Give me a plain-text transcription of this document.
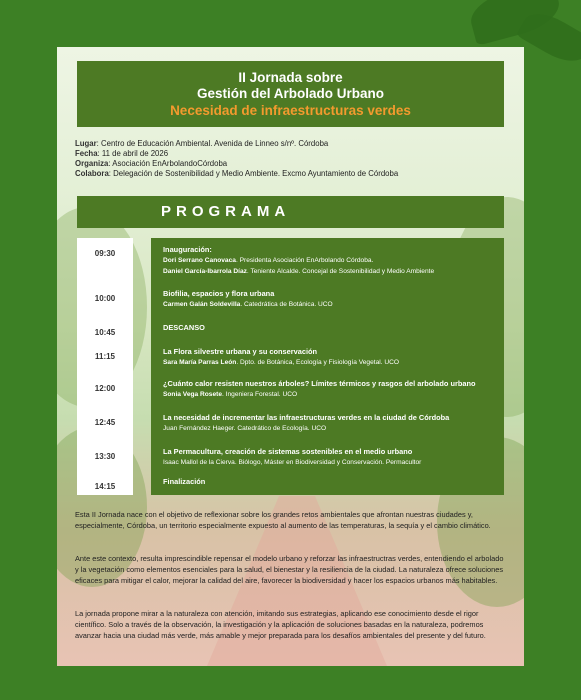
II Jornada sobre
Gestión del Arbolado Urbano
Necesidad de infraestructuras verdes
Lugar: Centro de Educación Ambiental. Avenida de Linneo s/nº. Córdoba
Fecha: 11 de abril de 2026
Organiza: Asociación EnArbolandoCórdoba
Colabora: Delegación de Sostenibilidad y Medio Ambiente. Excmo Ayuntamiento de Córdoba
PROGRAMA
09:30
10:00
10:45
11:15
12:00
12:45
13:30
14:15
Inauguración:
Dori Serrano Canovaca. Presidenta Asociación EnArbolando Córdoba.
Daniel García-Ibarrola Díaz. Teniente Alcalde. Concejal de Sostenibilidad y Medio Ambiente
Biofilia, espacios y flora urbana
Carmen Galán Soldevilla. Catedrática de Botánica. UCO
DESCANSO
La Flora silvestre urbana y su conservación
Sara María Parras León. Dpto. de Botánica, Ecología y Fisiología Vegetal. UCO
¿Cuánto calor resisten nuestros árboles? Límites térmicos y rasgos del arbolado urbano
Sonia Vega Rosete. Ingeniera Forestal. UCO
La necesidad de incrementar las infraestructuras verdes en la ciudad de Córdoba
Juan Fernández Haeger. Catedrático de Ecología. UCO
La Permacultura, creación de sistemas sostenibles en el medio urbano
Isaac Mallol de la Cierva. Biólogo, Máster en Biodiversidad y Conservación. Permacultor
Finalización

Esta II Jornada nace con el objetivo de reflexionar sobre los grandes retos ambientales que afrontan nuestras ciudades y, especialmente, Córdoba, un territorio especialmente expuesto al aumento de las temperaturas, la sequía y el cambio climático.

Ante este contexto, resulta imprescindible repensar el modelo urbano y reforzar las infraestructras verdes, entendiendo el arbolado y la vegetación como elementos esenciales para la salud, el bienestar y la resiliencia de la ciudad. La naturaleza ofrece soluciones eficaces para mitigar el calor, mejorar la calidad del aire, favorecer la biodiversidad y hacer los espacios urbanos más habitables.

La jornada propone mirar a la naturaleza con atención, imitando sus estrategias, aplicando ese conocimiento desde el rigor científico. Solo a través de la observación, la investigación y la aplicación de soluciones basadas en la naturaleza, podremos avanzar hacia una ciudad más verde, más amable y mejor preparada para los desafíos ambientales del presente y del futuro.
